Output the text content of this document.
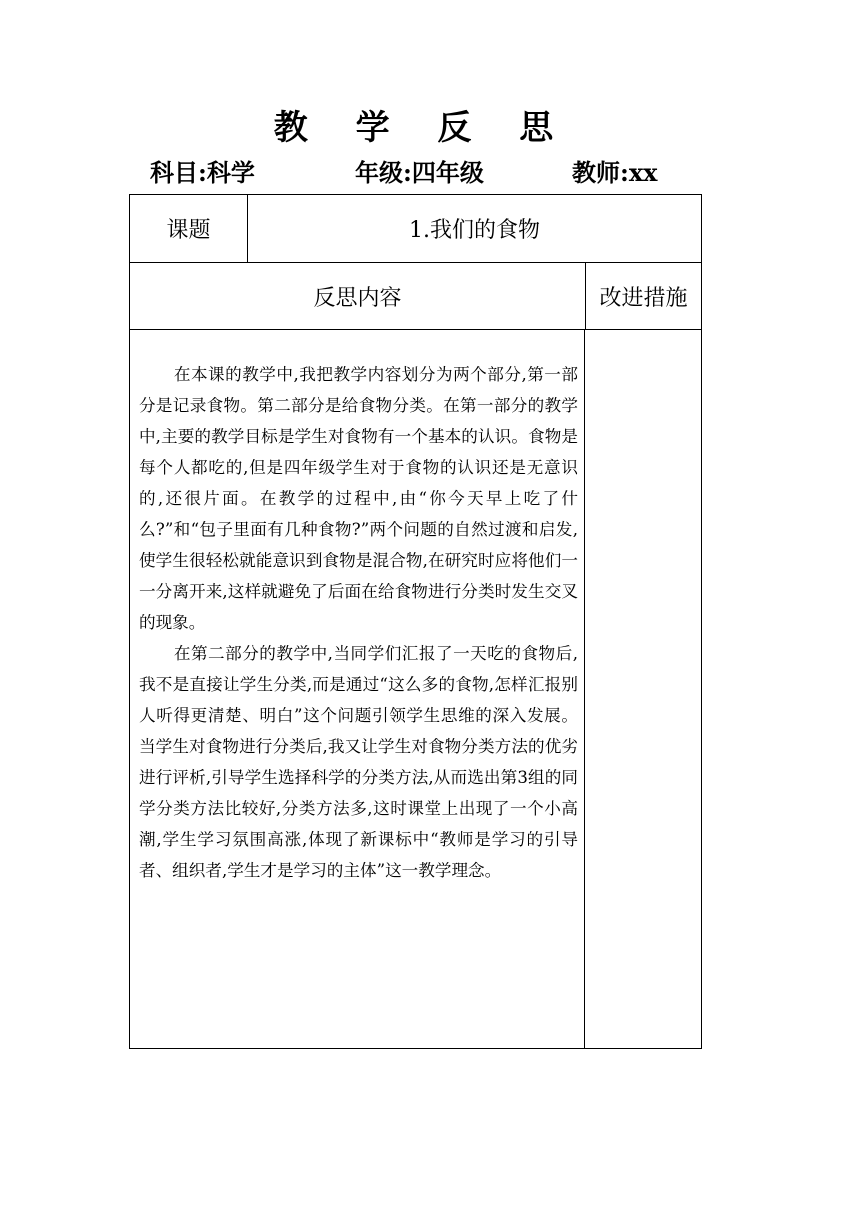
教 学 反 思
科目:科学	年级:四年级	教师:xx
课题	1.我们的食物
反思内容	改进措施

在本课的教学中,我把教学内容划分为两个部分,第一部分是记录食物。第二部分是给食物分类。在第一部分的教学中,主要的教学目标是学生对食物有一个基本的认识。食物是每个人都吃的,但是四年级学生对于食物的认识还是无意识的,还很片面。在教学的过程中,由“你今天早上吃了什么?”和“包子里面有几种食物?”两个问题的自然过渡和启发,使学生很轻松就能意识到食物是混合物,在研究时应将他们一一分离开来,这样就避免了后面在给食物进行分类时发生交叉的现象。

在第二部分的教学中,当同学们汇报了一天吃的食物后,我不是直接让学生分类,而是通过“这么多的食物,怎样汇报别人听得更清楚、明白”这个问题引领学生思维的深入发展。当学生对食物进行分类后,我又让学生对食物分类方法的优劣进行评析,引导学生选择科学的分类方法,从而选出第3组的同学分类方法比较好,分类方法多,这时课堂上出现了一个小高潮,学生学习氛围高涨,体现了新课标中“教师是学习的引导者、组织者,学生才是学习的主体”这一教学理念。
